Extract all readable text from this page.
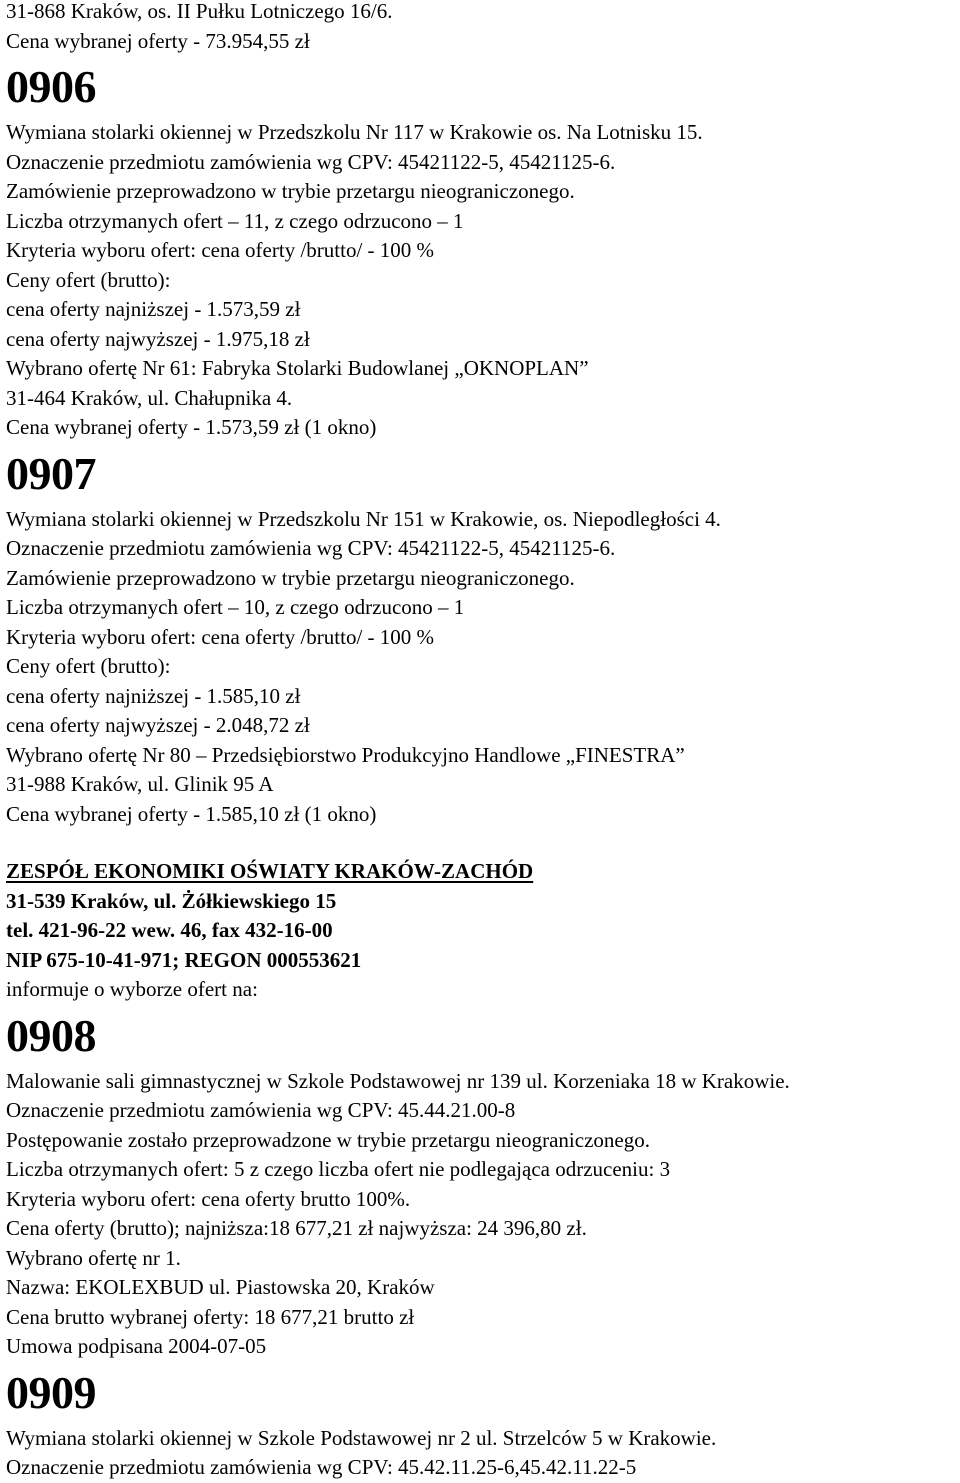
31-868 Kraków, os. II Pułku Lotniczego 16/6.
Cena wybranej oferty - 73.954,55 zł
0906
Wymiana stolarki okiennej w Przedszkolu Nr 117 w Krakowie os. Na Lotnisku 15.
Oznaczenie przedmiotu zamówienia wg CPV: 45421122-5, 45421125-6.
Zamówienie przeprowadzono w trybie przetargu nieograniczonego.
Liczba otrzymanych ofert – 11, z czego odrzucono – 1
Kryteria wyboru ofert: cena oferty /brutto/ - 100 %
Ceny ofert (brutto):
cena oferty najniższej - 1.573,59 zł
cena oferty najwyższej - 1.975,18 zł
Wybrano ofertę Nr 61: Fabryka Stolarki Budowlanej „OKNOPLAN”
31-464 Kraków, ul. Chałupnika 4.
Cena wybranej oferty - 1.573,59 zł (1 okno)
0907
Wymiana stolarki okiennej w Przedszkolu Nr 151 w Krakowie, os. Niepodległości 4.
Oznaczenie przedmiotu zamówienia wg CPV: 45421122-5, 45421125-6.
Zamówienie przeprowadzono w trybie przetargu nieograniczonego.
Liczba otrzymanych ofert – 10, z czego odrzucono – 1
Kryteria wyboru ofert: cena oferty /brutto/ - 100 %
Ceny ofert (brutto):
cena oferty najniższej - 1.585,10 zł
cena oferty najwyższej - 2.048,72 zł
Wybrano ofertę Nr 80 – Przedsiębiorstwo Produkcyjno Handlowe „FINESTRA”
31-988 Kraków, ul. Glinik 95 A
Cena wybranej oferty - 1.585,10 zł (1 okno)
ZESPÓŁ EKONOMIKI OŚWIATY KRAKÓW-ZACHÓD
31-539 Kraków, ul. Żółkiewskiego 15
tel. 421-96-22 wew. 46, fax 432-16-00
NIP 675-10-41-971; REGON 000553621
informuje o wyborze ofert na:
0908
Malowanie sali gimnastycznej w Szkole Podstawowej nr 139 ul. Korzeniaka 18 w Krakowie.
Oznaczenie przedmiotu zamówienia wg CPV: 45.44.21.00-8
Postępowanie zostało przeprowadzone w trybie przetargu nieograniczonego.
Liczba otrzymanych ofert: 5 z czego liczba ofert nie podlegająca odrzuceniu: 3
Kryteria wyboru ofert: cena oferty brutto 100%.
Cena oferty (brutto); najniższa:18 677,21 zł najwyższa: 24 396,80 zł.
Wybrano ofertę nr 1.
Nazwa: EKOLEXBUD ul. Piastowska 20, Kraków
Cena brutto wybranej oferty: 18 677,21 brutto zł
Umowa podpisana 2004-07-05
0909
Wymiana stolarki okiennej w Szkole Podstawowej nr 2 ul. Strzelców 5 w Krakowie.
Oznaczenie przedmiotu zamówienia wg CPV: 45.42.11.25-6,45.42.11.22-5
